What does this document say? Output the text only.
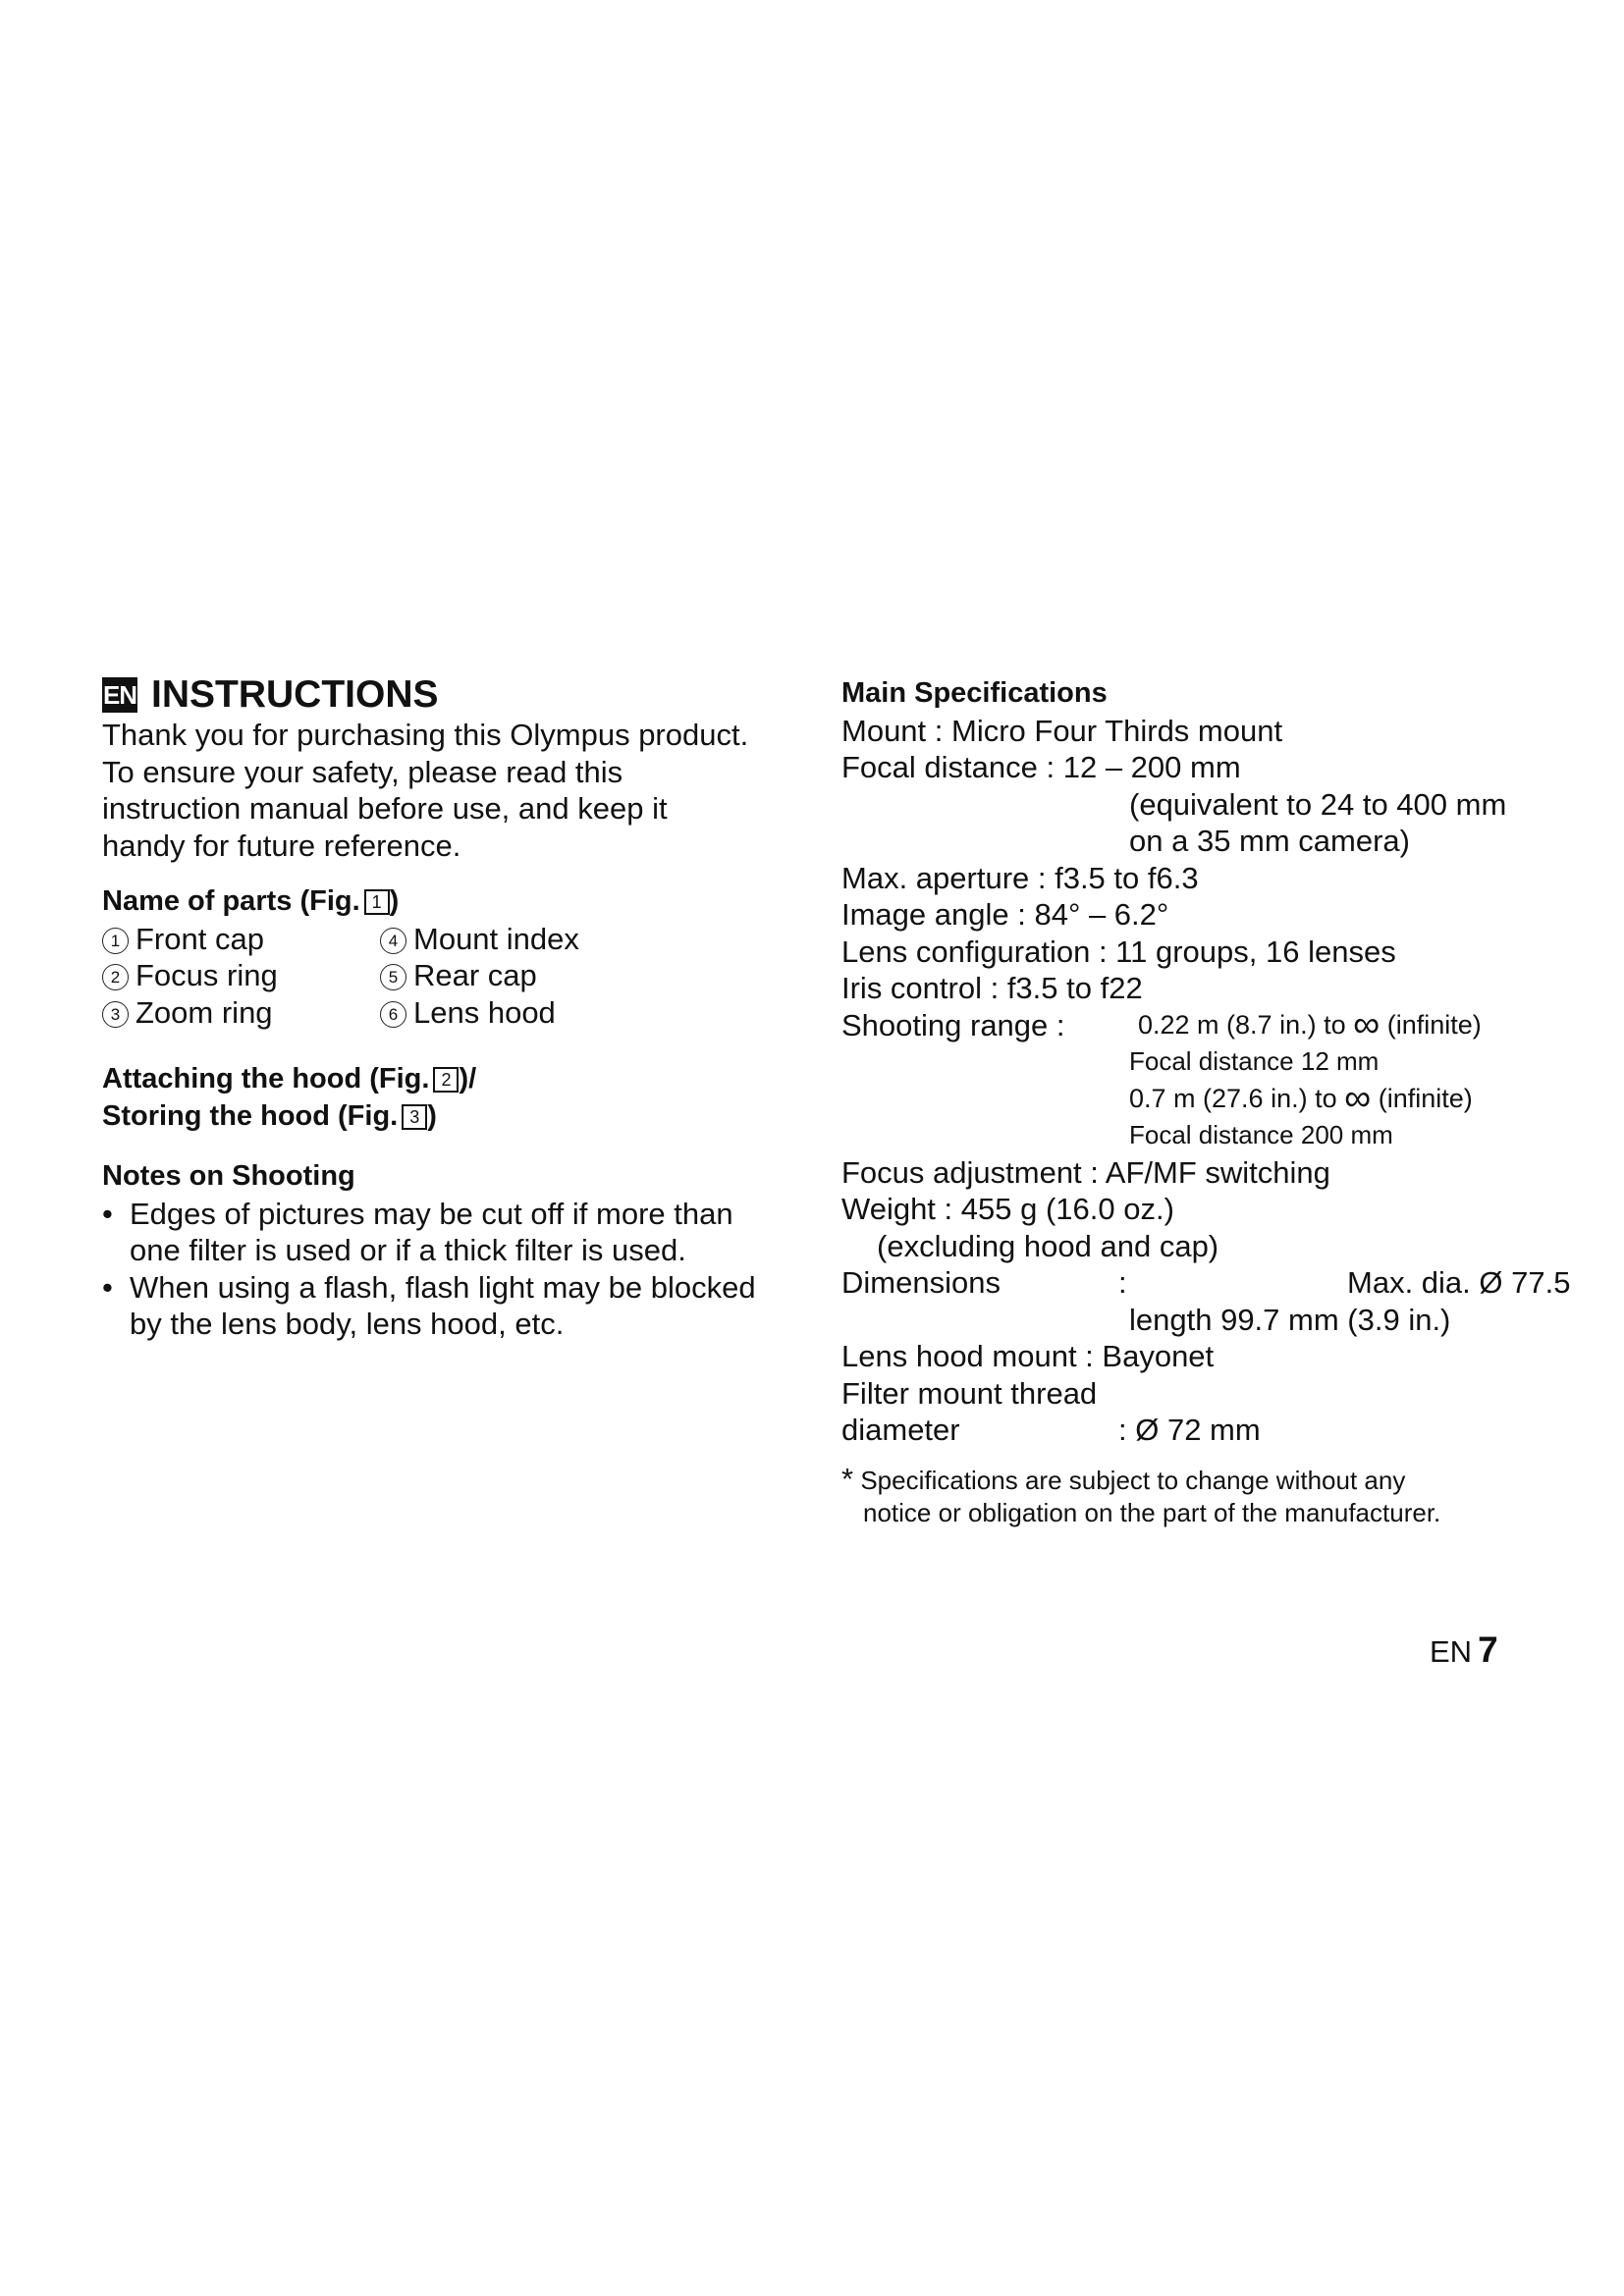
EN INSTRUCTIONS
Thank you for purchasing this Olympus product.
To ensure your safety, please read this
instruction manual before use, and keep it
handy for future reference.
Name of parts (Fig. 1 )
1 Front cap	4 Mount index
2 Focus ring	5 Rear cap
3 Zoom ring	6 Lens hood
Attaching the hood (Fig. 2 )/
Storing the hood (Fig. 3 )
Notes on Shooting
• Edges of pictures may be cut off if more than
one filter is used or if a thick filter is used.
• When using a flash, flash light may be blocked
by the lens body, lens hood, etc.
Main Specifications
Mount : Micro Four Thirds mount
Focal distance : 12 – 200 mm
(equivalent to 24 to 400 mm
on a 35 mm camera)
Max. aperture : f3.5 to f6.3
Image angle : 84° – 6.2°
Lens configuration : 11 groups, 16 lenses
Iris control : f3.5 to f22
Shooting range :	0.22 m (8.7 in.) to ∞ (infinite)
Focal distance 12 mm
0.7 m (27.6 in.) to ∞ (infinite)
Focal distance 200 mm
Focus adjustment : AF/MF switching
Weight : 455 g (16.0 oz.)
(excluding hood and cap)
Dimensions	:	Max. dia. Ø 77.5
length 99.7 mm (3.9 in.)
Lens hood mount : Bayonet
Filter mount thread
diameter	: Ø 72 mm
* Specifications are subject to change without any
notice or obligation on the part of the manufacturer.
EN 7
